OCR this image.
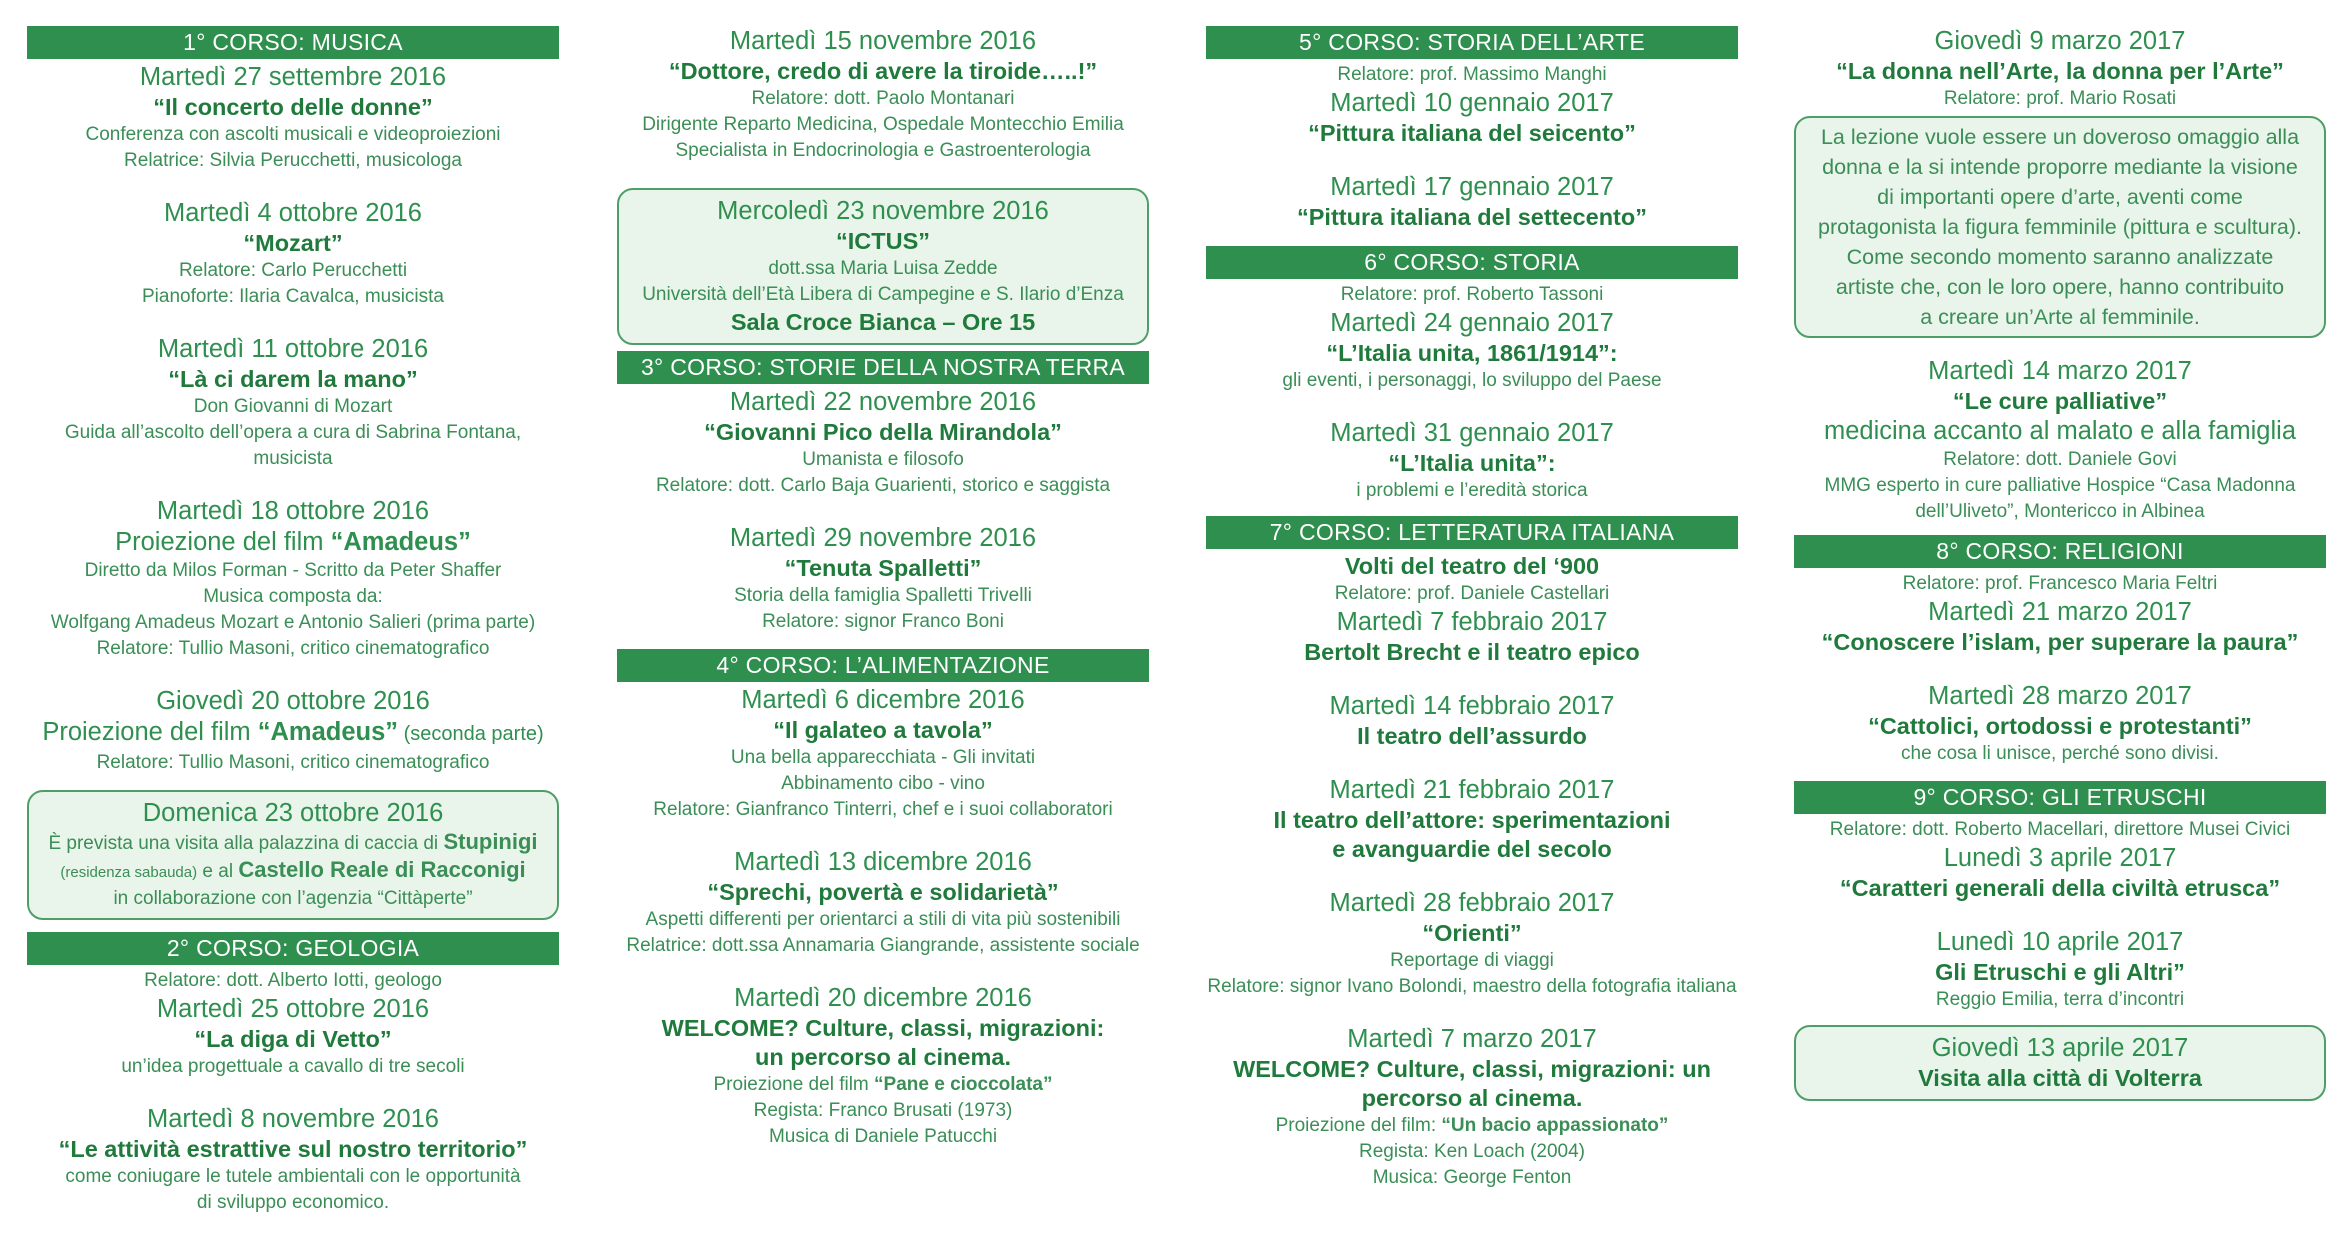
1° CORSO: MUSICA
Martedì 27 settembre 2016
“Il concerto delle donne”
Conferenza con ascolti musicali e videoproiezioni
Relatrice: Silvia Perucchetti, musicologa
Martedì 4 ottobre 2016
“Mozart”
Relatore: Carlo Perucchetti
Pianoforte: Ilaria Cavalca, musicista
Martedì 11 ottobre 2016
“Là ci darem la mano”
Don Giovanni di Mozart
Guida all’ascolto dell’opera a cura di Sabrina Fontana, musicista
Martedì 18 ottobre 2016
Proiezione del film “Amadeus”
Diretto da Milos Forman - Scritto da Peter Shaffer
Musica composta da:
Wolfgang Amadeus Mozart e Antonio Salieri (prima parte)
Relatore: Tullio Masoni, critico cinematografico
Giovedì 20 ottobre 2016
Proiezione del film “Amadeus” (seconda parte)
Relatore: Tullio Masoni, critico cinematografico
Domenica 23 ottobre 2016
È prevista una visita alla palazzina di caccia di Stupinigi
(residenza sabauda) e al Castello Reale di Racconigi
in collaborazione con l’agenzia “Cittàperte”
2° CORSO: GEOLOGIA
Relatore: dott. Alberto Iotti, geologo
Martedì 25 ottobre 2016
“La diga di Vetto”
un’idea progettuale a cavallo di tre secoli
Martedì 8 novembre 2016
“Le attività estrattive sul nostro territorio”
come coniugare le tutele ambientali con le opportunità
di sviluppo economico.
Martedì 15 novembre 2016
“Dottore, credo di avere la tiroide…..!”
Relatore: dott. Paolo Montanari
Dirigente Reparto Medicina, Ospedale Montecchio Emilia
Specialista in Endocrinologia e Gastroenterologia
Mercoledì 23 novembre 2016
“ICTUS”
dott.ssa Maria Luisa Zedde
Università dell’Età Libera di Campegine e S. Ilario d’Enza
Sala Croce Bianca – Ore 15
3° CORSO: STORIE DELLA NOSTRA TERRA
Martedì 22 novembre 2016
“Giovanni Pico della Mirandola”
Umanista e filosofo
Relatore: dott. Carlo Baja Guarienti, storico e saggista
Martedì 29 novembre 2016
“Tenuta Spalletti”
Storia della famiglia Spalletti Trivelli
Relatore: signor Franco Boni
4° CORSO: L’ALIMENTAZIONE
Martedì 6 dicembre 2016
“Il galateo a tavola”
Una bella apparecchiata - Gli invitati
Abbinamento cibo - vino
Relatore: Gianfranco Tinterri, chef e i suoi collaboratori
Martedì 13 dicembre 2016
“Sprechi, povertà e solidarietà”
Aspetti differenti per orientarci a stili di vita più sostenibili
Relatrice: dott.ssa Annamaria Giangrande, assistente sociale
Martedì 20 dicembre 2016
WELCOME? Culture, classi, migrazioni:
un percorso al cinema.
Proiezione del film “Pane e cioccolata”
Regista: Franco Brusati (1973)
Musica di Daniele Patucchi
5° CORSO: STORIA DELL’ARTE
Relatore: prof. Massimo Manghi
Martedì 10 gennaio 2017
“Pittura italiana del seicento”
Martedì 17 gennaio 2017
“Pittura italiana del settecento”
6° CORSO: STORIA
Relatore: prof. Roberto Tassoni
Martedì 24 gennaio 2017
“L’Italia unita, 1861/1914”:
gli eventi, i personaggi, lo sviluppo del Paese
Martedì 31 gennaio 2017
“L’Italia unita”:
i problemi e l’eredità storica
7° CORSO: LETTERATURA ITALIANA
Volti del teatro del ‘900
Relatore: prof. Daniele Castellari
Martedì 7 febbraio 2017
Bertolt Brecht e il teatro epico
Martedì 14 febbraio 2017
Il teatro dell’assurdo
Martedì 21 febbraio 2017
Il teatro dell’attore: sperimentazioni
e avanguardie del secolo
Martedì 28 febbraio 2017
“Orienti”
Reportage di viaggi
Relatore: signor Ivano Bolondi, maestro della fotografia italiana
Martedì 7 marzo 2017
WELCOME? Culture, classi, migrazioni: un
percorso al cinema.
Proiezione del film: “Un bacio appassionato”
Regista: Ken Loach (2004)
Musica: George Fenton
Giovedì 9 marzo 2017
“La donna nell’Arte, la donna per l’Arte”
Relatore: prof. Mario Rosati
La lezione vuole essere un doveroso omaggio alla
donna e la si intende proporre mediante la visione
di importanti opere d’arte, aventi come
protagonista la figura femminile (pittura e scultura).
Come secondo momento saranno analizzate
artiste che, con le loro opere, hanno contribuito
a creare un’Arte al femminile.
Martedì 14 marzo 2017
“Le cure palliative”
medicina accanto al malato e alla famiglia
Relatore: dott. Daniele Govi
MMG esperto in cure palliative Hospice “Casa Madonna
dell’Uliveto”, Montericco in Albinea
8° CORSO: RELIGIONI
Relatore: prof. Francesco Maria Feltri
Martedì 21 marzo 2017
“Conoscere l’islam, per superare la paura”
Martedì 28 marzo 2017
“Cattolici, ortodossi e protestanti”
che cosa li unisce, perché sono divisi.
9° CORSO: GLI ETRUSCHI
Relatore: dott. Roberto Macellari, direttore Musei Civici
Lunedì 3 aprile 2017
“Caratteri generali della civiltà etrusca”
Lunedì 10 aprile 2017
Gli Etruschi e gli Altri”
Reggio Emilia, terra d’incontri
Giovedì 13 aprile 2017
Visita alla città di Volterra
